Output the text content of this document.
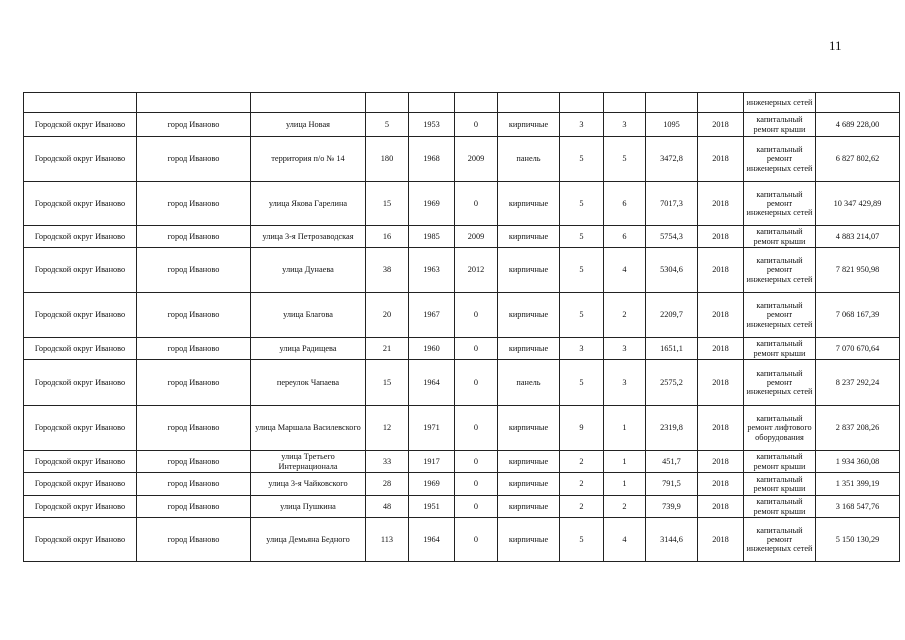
11
											инженерных сетей	
Городской округ Иваново	город Иваново	улица Новая	5	1953	0	кирпичные	3	3	1095	2018	капитальный ремонт крыши	4 689 228,00
Городской округ Иваново	город Иваново	территория п/о № 14	180	1968	2009	панель	5	5	3472,8	2018	капитальный ремонт инженерных сетей	6 827 802,62
Городской округ Иваново	город Иваново	улица Якова Гарелина	15	1969	0	кирпичные	5	6	7017,3	2018	капитальный ремонт инженерных сетей	10 347 429,89
Городской округ Иваново	город Иваново	улица 3-я Петрозаводская	16	1985	2009	кирпичные	5	6	5754,3	2018	капитальный ремонт крыши	4 883 214,07
Городской округ Иваново	город Иваново	улица Дунаева	38	1963	2012	кирпичные	5	4	5304,6	2018	капитальный ремонт инженерных сетей	7 821 950,98
Городской округ Иваново	город Иваново	улица Благова	20	1967	0	кирпичные	5	2	2209,7	2018	капитальный ремонт инженерных сетей	7 068 167,39
Городской округ Иваново	город Иваново	улица Радищева	21	1960	0	кирпичные	3	3	1651,1	2018	капитальный ремонт крыши	7 070 670,64
Городской округ Иваново	город Иваново	переулок Чапаева	15	1964	0	панель	5	3	2575,2	2018	капитальный ремонт инженерных сетей	8 237 292,24
Городской округ Иваново	город Иваново	улица Маршала Василевского	12	1971	0	кирпичные	9	1	2319,8	2018	капитальный ремонт лифтового оборудования	2 837 208,26
Городской округ Иваново	город Иваново	улица Третьего Интернационала	33	1917	0	кирпичные	2	1	451,7	2018	капитальный ремонт крыши	1 934 360,08
Городской округ Иваново	город Иваново	улица 3-я Чайковского	28	1969	0	кирпичные	2	1	791,5	2018	капитальный ремонт крыши	1 351 399,19
Городской округ Иваново	город Иваново	улица Пушкина	48	1951	0	кирпичные	2	2	739,9	2018	капитальный ремонт крыши	3 168 547,76
Городской округ Иваново	город Иваново	улица Демьяна Бедного	113	1964	0	кирпичные	5	4	3144,6	2018	капитальный ремонт инженерных сетей	5 150 130,29
